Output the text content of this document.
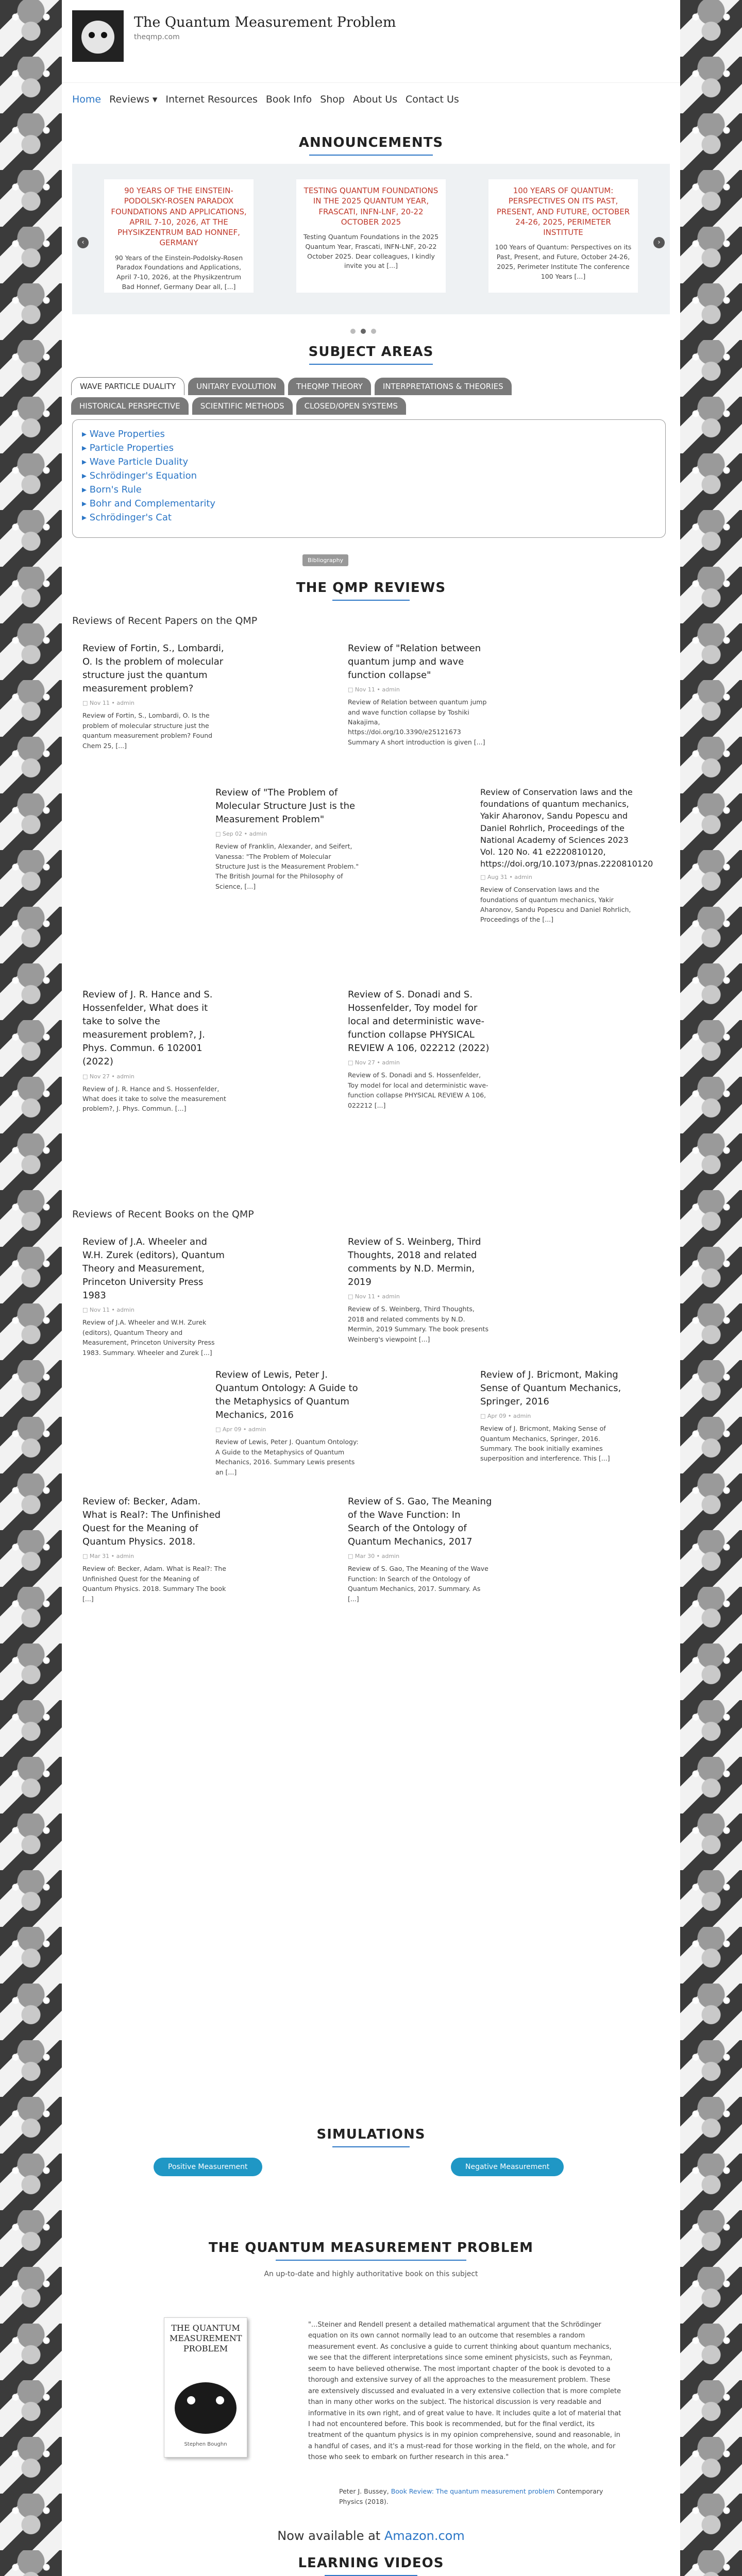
The Quantum Measurement Problem
theqmp.com
Home Reviews ▾ Internet Resources Book Info Shop About Us Contact Us
ANNOUNCEMENTS
‹
90 YEARS OF THE EINSTEIN-PODOLSKY-ROSEN PARADOX FOUNDATIONS AND APPLICATIONS, APRIL 7-10, 2026, AT THE PHYSIKZENTRUM BAD HONNEF, GERMANY

90 Years of the Einstein-Podolsky-Rosen Paradox Foundations and Applications, April 7-10, 2026, at the Physikzentrum Bad Honnef, Germany Dear all, [...]

TESTING QUANTUM FOUNDATIONS IN THE 2025 QUANTUM YEAR, FRASCATI, INFN-LNF, 20-22 OCTOBER 2025

Testing Quantum Foundations in the 2025 Quantum Year, Frascati, INFN-LNF, 20-22 October 2025. Dear colleagues, I kindly invite you at [...]

100 YEARS OF QUANTUM: PERSPECTIVES ON ITS PAST, PRESENT, AND FUTURE, OCTOBER 24-26, 2025, PERIMETER INSTITUTE

100 Years of Quantum: Perspectives on its Past, Present, and Future, October 24-26, 2025, Perimeter Institute The conference 100 Years [...]

›
SUBJECT AREAS
WAVE PARTICLE DUALITY	UNITARY EVOLUTION	THEQMP THEORY	INTERPRETATIONS & THEORIES HISTORICAL PERSPECTIVE	SCIENTIFIC METHODS	CLOSED/OPEN SYSTEMS
▸ Wave Properties
▸ Particle Properties
▸ Wave Particle Duality
▸ Schrödinger's Equation
▸ Born's Rule
▸ Bohr and Complementarity
▸ Schrödinger's Cat
Bibliography
THE QMP REVIEWS
Reviews of Recent Papers on the QMP
Review of Fortin, S., Lombardi, O. Is the problem of molecular structure just the quantum measurement problem?
□ Nov 11 • admin

Review of Fortin, S., Lombardi, O. Is the problem of molecular structure just the quantum measurement problem? Found Chem 25, [...]

Review of "Relation between quantum jump and wave function collapse"
□ Nov 11 • admin

Review of Relation between quantum jump and wave function collapse by Toshiki Nakajima, https://doi.org/10.3390/e25121673 Summary A short introduction is given [...]

Review of "The Problem of Molecular Structure Just is the Measurement Problem"
□ Sep 02 • admin

Review of Franklin, Alexander, and Seifert, Vanessa: "The Problem of Molecular Structure Just is the Measurement Problem." The British Journal for the Philosophy of Science, [...]

Review of Conservation laws and the foundations of quantum mechanics, Yakir Aharonov, Sandu Popescu and Daniel Rohrlich, Proceedings of the National Academy of Sciences 2023 Vol. 120 No. 41 e2220810120, https://doi.org/10.1073/pnas.2220810120
□ Aug 31 • admin

Review of Conservation laws and the foundations of quantum mechanics, Yakir Aharonov, Sandu Popescu and Daniel Rohrlich, Proceedings of the [...]

Review of J. R. Hance and S. Hossenfelder, What does it take to solve the measurement problem?, J. Phys. Commun. 6 102001 (2022)
□ Nov 27 • admin

Review of J. R. Hance and S. Hossenfelder, What does it take to solve the measurement problem?, J. Phys. Commun. [...]

Review of S. Donadi and S. Hossenfelder, Toy model for local and deterministic wave-function collapse PHYSICAL REVIEW A 106, 022212 (2022)
□ Nov 27 • admin

Review of S. Donadi and S. Hossenfelder, Toy model for local and deterministic wave-function collapse PHYSICAL REVIEW A 106, 022212 [...]

Reviews of Recent Books on the QMP
Review of J.A. Wheeler and W.H. Zurek (editors), Quantum Theory and Measurement, Princeton University Press 1983
□ Nov 11 • admin

Review of J.A. Wheeler and W.H. Zurek (editors), Quantum Theory and Measurement, Princeton University Press 1983. Summary. Wheeler and Zurek [...]

Review of S. Weinberg, Third Thoughts, 2018 and related comments by N.D. Mermin, 2019
□ Nov 11 • admin

Review of S. Weinberg, Third Thoughts, 2018 and related comments by N.D. Mermin, 2019 Summary. The book presents Weinberg's viewpoint [...]

Review of Lewis, Peter J. Quantum Ontology: A Guide to the Metaphysics of Quantum Mechanics, 2016
□ Apr 09 • admin

Review of Lewis, Peter J. Quantum Ontology: A Guide to the Metaphysics of Quantum Mechanics, 2016. Summary Lewis presents an [...]

Review of J. Bricmont, Making Sense of Quantum Mechanics, Springer, 2016
□ Apr 09 • admin

Review of J. Bricmont, Making Sense of Quantum Mechanics, Springer, 2016. Summary. The book initially examines superposition and interference. This [...]

Review of: Becker, Adam. What is Real?: The Unfinished Quest for the Meaning of Quantum Physics. 2018.
□ Mar 31 • admin

Review of: Becker, Adam. What is Real?: The Unfinished Quest for the Meaning of Quantum Physics. 2018. Summary The book [...]

Review of S. Gao, The Meaning of the Wave Function: In Search of the Ontology of Quantum Mechanics, 2017
□ Mar 30 • admin

Review of S. Gao, The Meaning of the Wave Function: In Search of the Ontology of Quantum Mechanics, 2017. Summary. As [...]

SIMULATIONS
Positive Measurement	Negative Measurement
THE QUANTUM MEASUREMENT PROBLEM
An up-to-date and highly authoritative book on this subject
THE QUANTUM MEASUREMENT PROBLEM
Stephen Boughn
"...Steiner and Rendell present a detailed mathematical argument that the Schrödinger equation on its own cannot normally lead to an outcome that resembles a random measurement event. As conclusive a guide to current thinking about quantum mechanics, we see that the different interpretations since some eminent physicists, such as Feynman, seem to have believed otherwise. The most important chapter of the book is devoted to a thorough and extensive survey of all the approaches to the measurement problem. These are extensively discussed and evaluated in a very extensive collection that is more complete than in many other works on the subject. The historical discussion is very readable and informative in its own right, and of great value to have. It includes quite a lot of material that I had not encountered before. This book is recommended, but for the final verdict, its treatment of the quantum physics is in my opinion comprehensive, sound and reasonable, in a handful of cases, and it's a must-read for those working in the field, on the whole, and for those who seek to embark on further research in this area."
Peter J. Bussey, Book Review: The quantum measurement problem Contemporary Physics (2018).
Now available at Amazon.com
LEARNING VIDEOS
